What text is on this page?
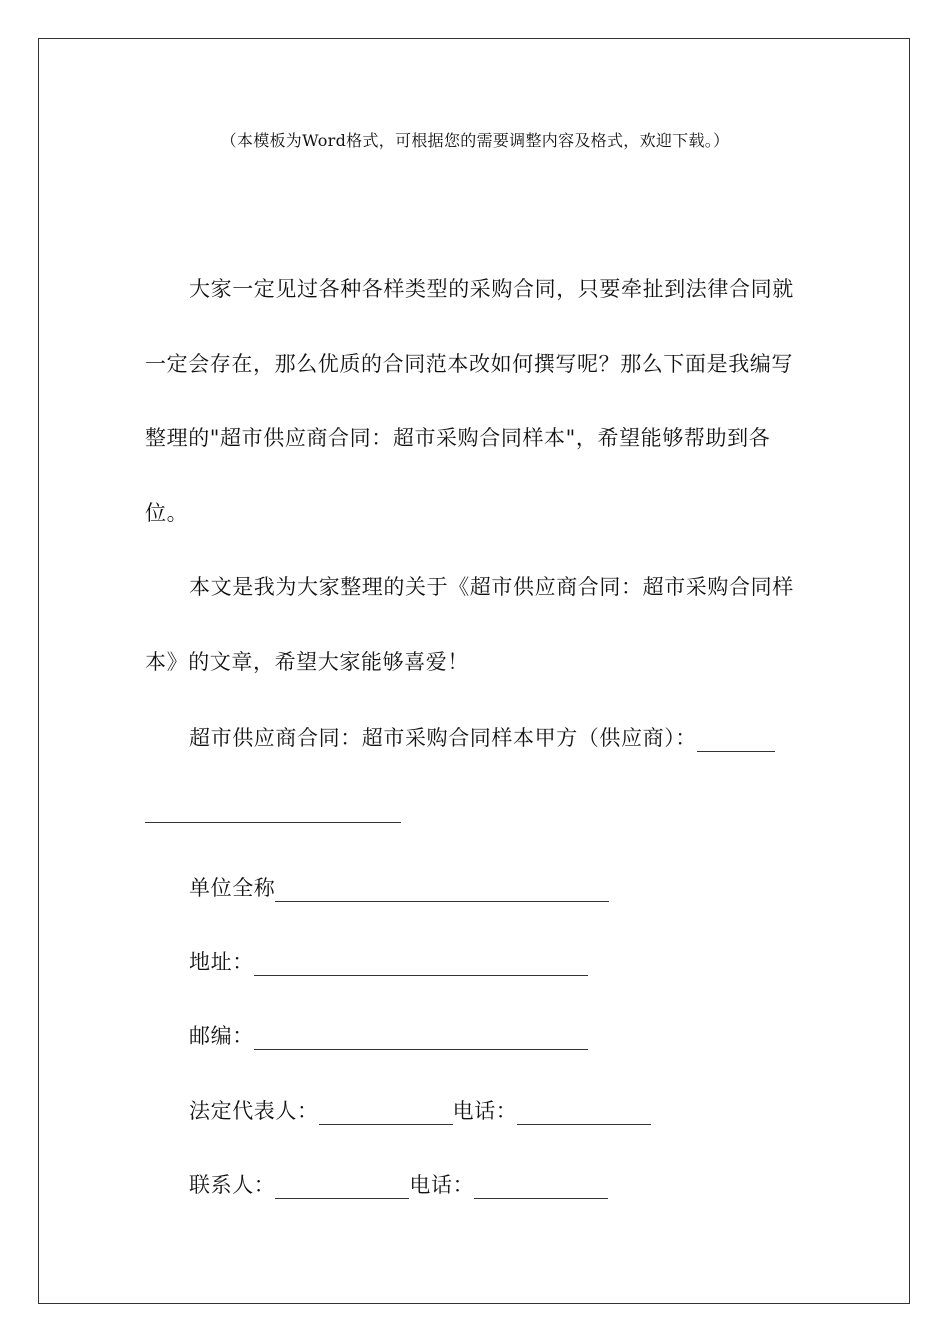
（本模板为Word格式，可根据您的需要调整内容及格式，欢迎下载。）

大家一定见过各种各样类型的采购合同，只要牵扯到法律合同就一定会存在，那么优质的合同范本改如何撰写呢？那么下面是我编写整理的"超市供应商合同：超市采购合同样本"，希望能够帮助到各位。

本文是我为大家整理的关于《超市供应商合同：超市采购合同样本》的文章，希望大家能够喜爱！

超市供应商合同：超市采购合同样本甲方（供应商）：
单位全称
地址：
邮编：
法定代表人：	电话：
联系人：	电话：
